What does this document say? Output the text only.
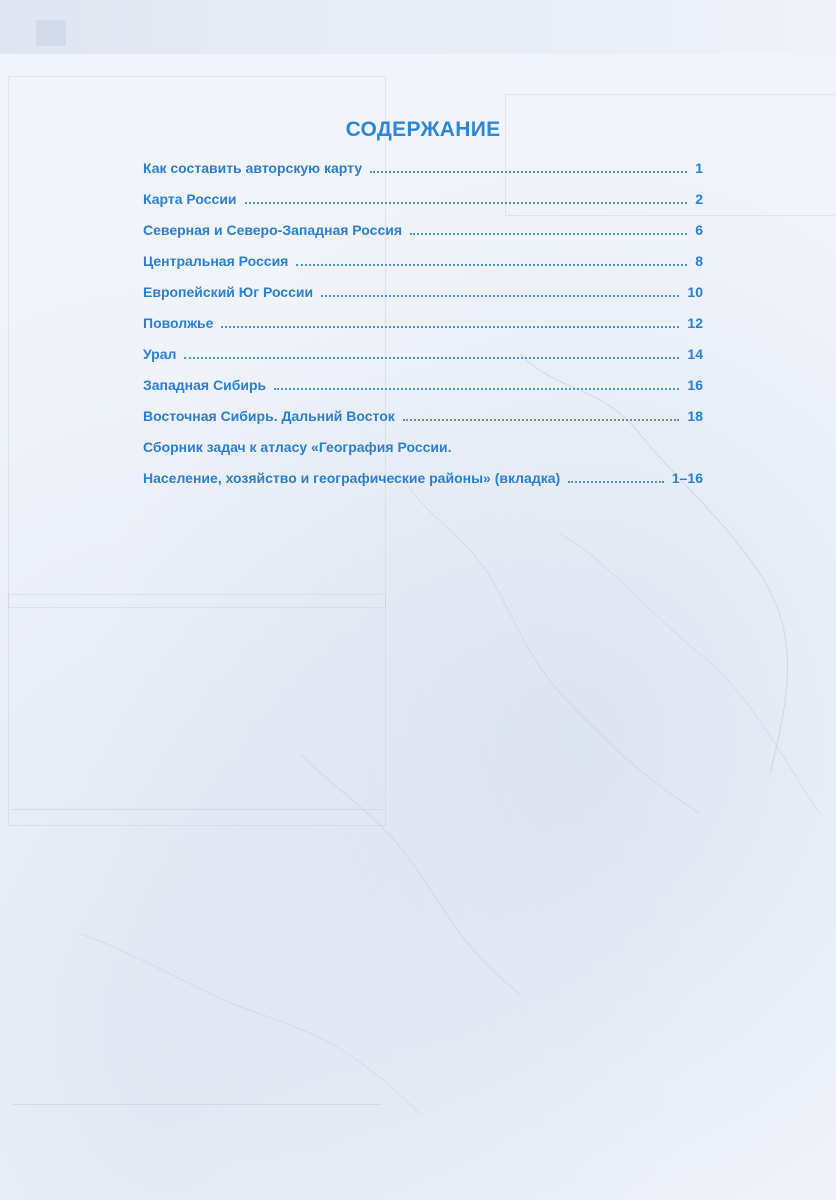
СОДЕРЖАНИЕ
Как составить авторскую карту	1
Карта России	2
Северная и Северо-Западная Россия	6
Центральная Россия	8
Европейский Юг России	10
Поволжье	12
Урал	14
Западная Сибирь	16
Восточная Сибирь. Дальний Восток	18
Сборник задач к атласу «География России.
Население, хозяйство и географические районы» (вкладка)	1–16
